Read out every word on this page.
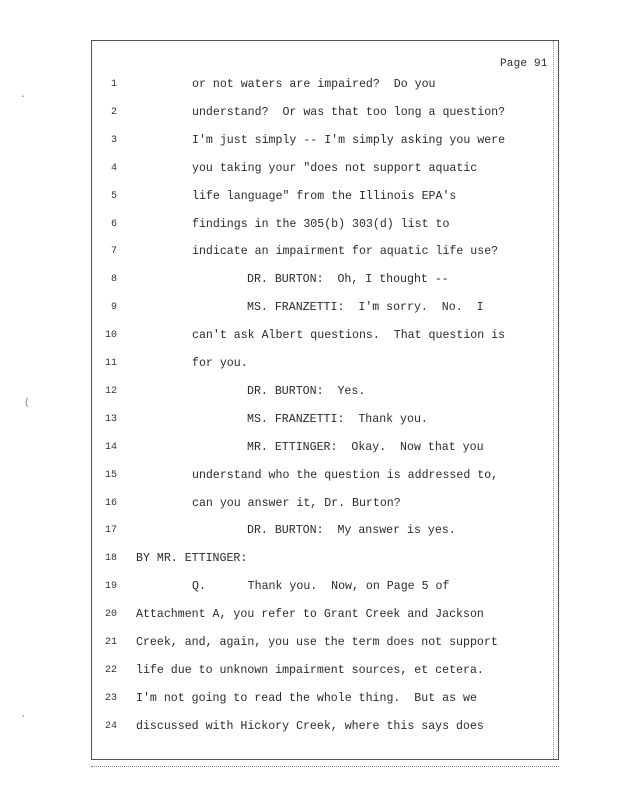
Page 91
1	or not waters are impaired?  Do you
2	understand?  Or was that too long a question?
3	I'm just simply -- I'm simply asking you were
4	you taking your "does not support aquatic
5	life language" from the Illinois EPA's
6	findings in the 305(b) 303(d) list to
7	indicate an impairment for aquatic life use?
8	DR. BURTON:  Oh, I thought --
9	MS. FRANZETTI:  I'm sorry.  No.  I
10	can't ask Albert questions.  That question is
11	for you.
12	DR. BURTON:  Yes.
13	MS. FRANZETTI:  Thank you.
14	MR. ETTINGER:  Okay.  Now that you
15	understand who the question is addressed to,
16	can you answer it, Dr. Burton?
17	DR. BURTON:  My answer is yes.
18 BY MR. ETTINGER:
19	Q.      Thank you.  Now, on Page 5 of
20 Attachment A, you refer to Grant Creek and Jackson
21 Creek, and, again, you use the term does not support
22 life due to unknown impairment sources, et cetera.
23 I'm not going to read the whole thing.  But as we
24 discussed with Hickory Creek, where this says does
·
(
·
